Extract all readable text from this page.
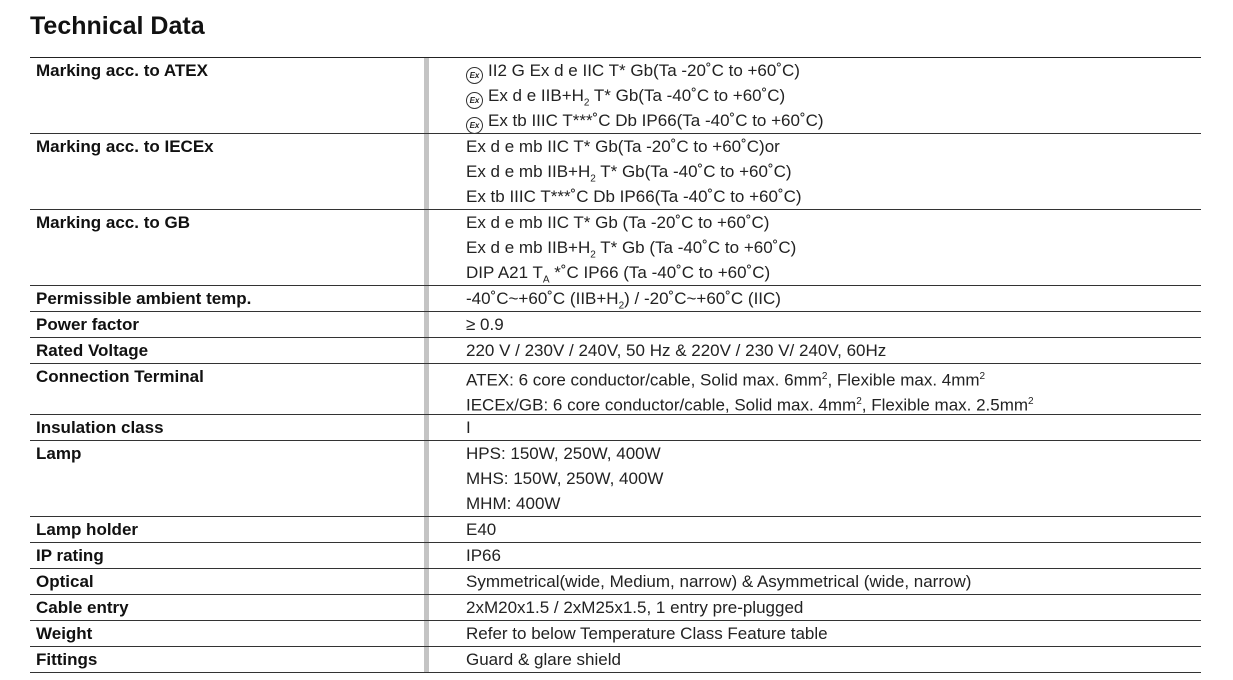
Technical Data
Marking acc. to ATEX	Ex II2 G Ex d e IIC T* Gb(Ta -20˚C to +60˚C)
Ex Ex d e $IIB+H_2$ T* Gb(Ta -40˚C to +60˚C)
Ex Ex tb IIIC T***˚C Db IP66(Ta -40˚C to +60˚C)
Marking acc. to IECEx	Ex d e mb IIC T* Gb(Ta -20˚C to +60˚C)or
Ex d e mb $IIB+H_2$ T* Gb(Ta -40˚C to +60˚C)
Ex tb IIIC T***˚C Db IP66(Ta -40˚C to +60˚C)
Marking acc. to GB	Ex d e mb IIC T* Gb (Ta -20˚C to +60˚C)
Ex d e mb $IIB+H_2$ T* Gb (Ta -40˚C to +60˚C)
DIP A21 $T_A$ *˚C IP66 (Ta -40˚C to +60˚C)
Permissible ambient temp.	-40˚C~+60˚C $(IIB+H_2)$ / -20˚C~+60˚C (IIC)
Power factor	≥ 0.9
Rated Voltage	220 V / 230V / 240V, 50 Hz & 220V / 230 V/ 240V, 60Hz
Connection Terminal	ATEX: 6 core conductor/cable, Solid max. $6mm^2$, Flexible max. $4mm^2$
IECEx/GB: 6 core conductor/cable, Solid max. $4mm^2$, Flexible max. $2.5mm^2$
Insulation class	I
Lamp	HPS: 150W, 250W, 400W
MHS: 150W, 250W, 400W
MHM: 400W
Lamp holder	E40
IP rating	IP66
Optical	Symmetrical(wide, Medium, narrow) & Asymmetrical (wide, narrow)
Cable entry	2xM20x1.5 / 2xM25x1.5, 1 entry pre-plugged
Weight	Refer to below Temperature Class Feature table
Fittings	Guard & glare shield
